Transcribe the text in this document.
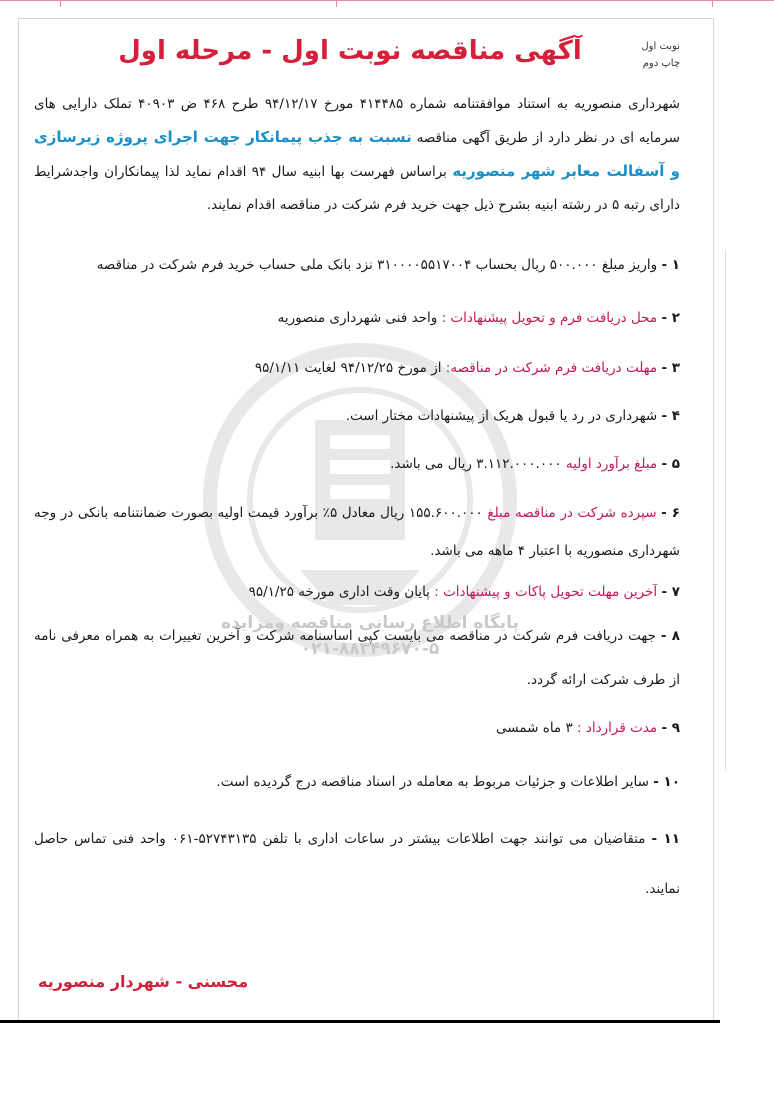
پایگاه اطلاع رسانی مناقصه ومزایده
۰۲۱-۸۸۳۴۹۶۷۰-۵
نوبت اول
چاپ دوم
آگهی مناقصه نوبت اول - مرحله اول

شهرداری منصوریه به استناد موافقتنامه شماره ۴۱۴۴۸۵ مورخ ۹۴/۱۲/۱۷ طرح ۴۶۸ ض ۴۰۹۰۳ تملک دارایی های سرمایه ای در نظر دارد از طریق آگهی مناقصه نسبت به جذب پیمانکار جهت اجرای پروژه زیرسازی و آسفالت معابر شهر منصوریه براساس فهرست بها ابنیه سال ۹۴ اقدام نماید لذا پیمانکاران واجدشرایط دارای رتبه ۵ در رشته ابنیه بشرح ذیل جهت خرید فرم شرکت در مناقصه اقدام نمایند.

۱ - واریز مبلغ ۵۰۰.۰۰۰ ریال بحساب ۳۱۰۰۰۰۵۵۱۷۰۰۴ نزد بانک ملی حساب خرید فرم شرکت در مناقصه

۲ - محل دریافت فرم و تحویل پیشنهادات : واحد فنی شهرداری منصوریه

۳ - مهلت دریافت فرم شرکت در مناقصه: از مورخ ۹۴/۱۲/۲۵ لغایت ۹۵/۱/۱۱

۴ - شهرداری در رد یا قبول هریک از پیشنهادات مختار است.

۵ - مبلغ برآورد اولیه ۳.۱۱۲.۰۰۰.۰۰۰ ریال می باشد.

۶ - سپرده شرکت در مناقصه مبلغ ۱۵۵.۶۰۰.۰۰۰ ریال معادل ۵٪ برآورد قیمت اولیه بصورت ضمانتنامه بانکی در وجه شهرداری منصوریه با اعتبار ۴ ماهه می باشد.

۷ - آخرین مهلت تحویل پاکات و پیشنهادات : پایان وقت اداری مورخه ۹۵/۱/۲۵

۸ - جهت دریافت فرم شرکت در مناقصه می بایست کپی اساسنامه شرکت و آخرین تغییرات به همراه معرفی نامه از طرف شرکت ارائه گردد.

۹ - مدت قرارداد : ۳ ماه شمسی

۱۰ - سایر اطلاعات و جزئیات مربوط به معامله در اسناد مناقصه درج گردیده است.

۱۱ - متقاضیان می توانند جهت اطلاعات بیشتر در ساعات اداری با تلفن ۵۲۷۴۳۱۳۵-۰۶۱ واحد فنی تماس حاصل نمایند.

محسنی - شهردار منصوریه
